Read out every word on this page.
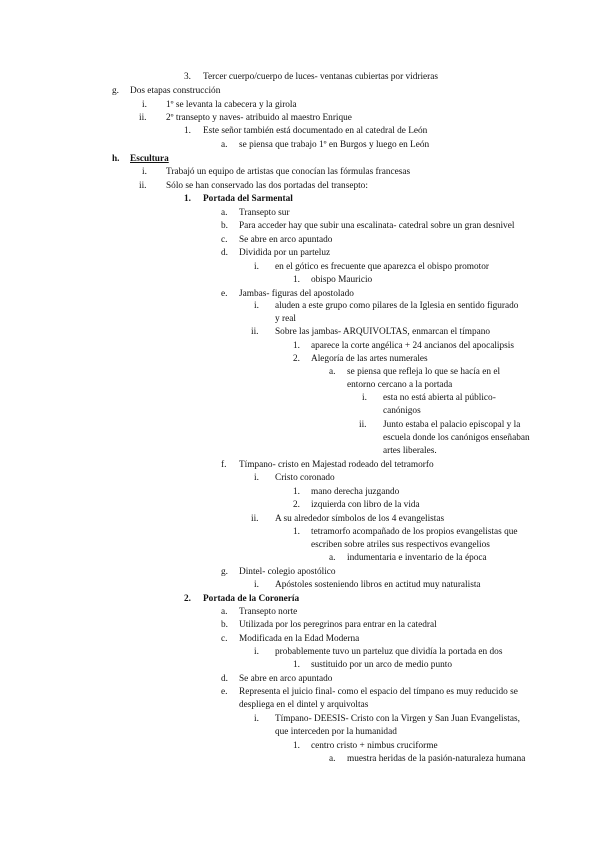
3. Tercer cuerpo/cuerpo de luces- ventanas cubiertas por vidrieras
g. Dos etapas construcción
i. 1º se levanta la cabecera y la girola
ii. 2º transepto y naves- atribuido al maestro Enrique
1. Este señor también está documentado en al catedral de León
a. se piensa que trabajo 1º en Burgos y luego en León
h. Escultura
i. Trabajó un equipo de artistas que conocían las fórmulas francesas
ii. Sólo se han conservado las dos portadas del transepto:
1. Portada del Sarmental
a. Transepto sur
b. Para acceder hay que subir una escalinata- catedral sobre un gran desnivel
c. Se abre en arco apuntado
d. Dividida por un parteluz
i. en el gótico es frecuente que aparezca el obispo promotor
1. obispo Mauricio
e. Jambas- figuras del apostolado
i. aluden a este grupo como pilares de la Iglesia en sentido figurado
y real
ii. Sobre las jambas- ARQUIVOLTAS, enmarcan el tímpano
1. aparece la corte angélica + 24 ancianos del apocalipsis
2. Alegoría de las artes numerales
a. se piensa que refleja lo que se hacía en el
entorno cercano a la portada
i. esta no está abierta al público-
canónigos
ii. Junto estaba el palacio episcopal y la
escuela donde los canónigos enseñaban
artes liberales.
f. Tímpano- cristo en Majestad rodeado del tetramorfo
i. Cristo coronado
1. mano derecha juzgando
2. izquierda con libro de la vida
ii. A su alrededor símbolos de los 4 evangelistas
1. tetramorfo acompañado de los propios evangelistas que
escriben sobre atriles sus respectivos evangelios
a. indumentaria e inventario de la época
g. Dintel- colegio apostólico
i. Apóstoles sosteniendo libros en actitud muy naturalista
2. Portada de la Coronería
a. Transepto norte
b. Utilizada por los peregrinos para entrar en la catedral
c. Modificada en la Edad Moderna
i. probablemente tuvo un parteluz que dividía la portada en dos
1. sustituido por un arco de medio punto
d. Se abre en arco apuntado
e. Representa el juicio final- como el espacio del tímpano es muy reducido se
despliega en el dintel y arquivoltas
i. Tímpano- DEESIS- Cristo con la Virgen y San Juan Evangelistas,
que interceden por la humanidad
1. centro cristo + nimbus cruciforme
a. muestra heridas de la pasión-naturaleza humana
